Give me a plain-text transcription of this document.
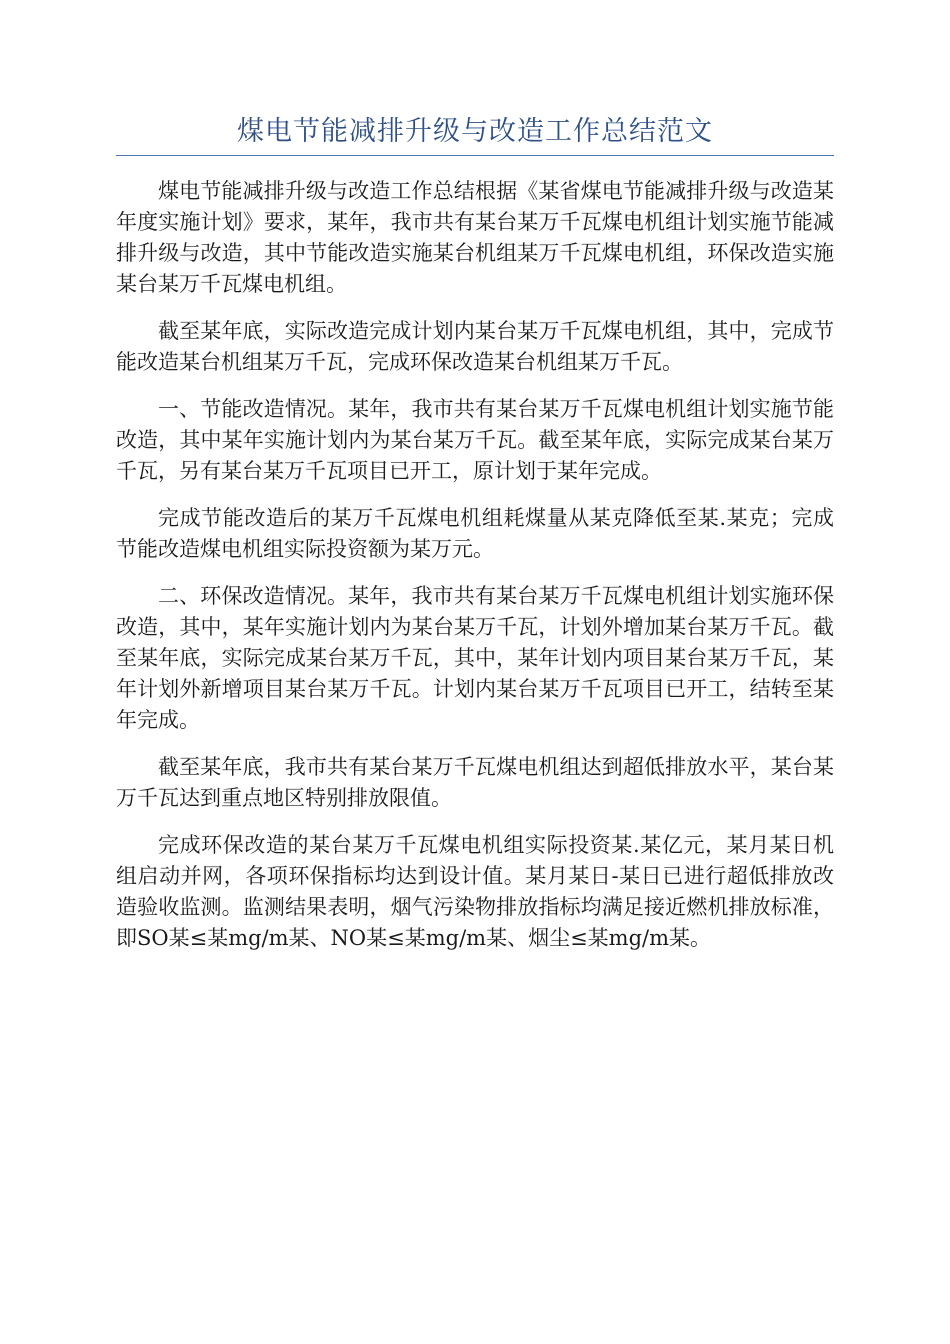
煤电节能减排升级与改造工作总结范文

煤电节能减排升级与改造工作总结根据《某省煤电节能减排升级与改造某年度实施计划》要求，某年，我市共有某台某万千瓦煤电机组计划实施节能减排升级与改造，其中节能改造实施某台机组某万千瓦煤电机组，环保改造实施某台某万千瓦煤电机组。

截至某年底，实际改造完成计划内某台某万千瓦煤电机组，其中，完成节能改造某台机组某万千瓦，完成环保改造某台机组某万千瓦。

一、节能改造情况。某年，我市共有某台某万千瓦煤电机组计划实施节能改造，其中某年实施计划内为某台某万千瓦。截至某年底，实际完成某台某万千瓦，另有某台某万千瓦项目已开工，原计划于某年完成。

完成节能改造后的某万千瓦煤电机组耗煤量从某克降低至某.某克；完成节能改造煤电机组实际投资额为某万元。

二、环保改造情况。某年，我市共有某台某万千瓦煤电机组计划实施环保改造，其中，某年实施计划内为某台某万千瓦，计划外增加某台某万千瓦。截至某年底，实际完成某台某万千瓦，其中，某年计划内项目某台某万千瓦，某年计划外新增项目某台某万千瓦。计划内某台某万千瓦项目已开工，结转至某年完成。

截至某年底，我市共有某台某万千瓦煤电机组达到超低排放水平，某台某万千瓦达到重点地区特别排放限值。

完成环保改造的某台某万千瓦煤电机组实际投资某.某亿元，某月某日机组启动并网，各项环保指标均达到设计值。某月某日-某日已进行超低排放改造验收监测。监测结果表明，烟气污染物排放指标均满足接近燃机排放标准，即SO某≤某mg/m某、NO某≤某mg/m某、烟尘≤某mg/m某。
